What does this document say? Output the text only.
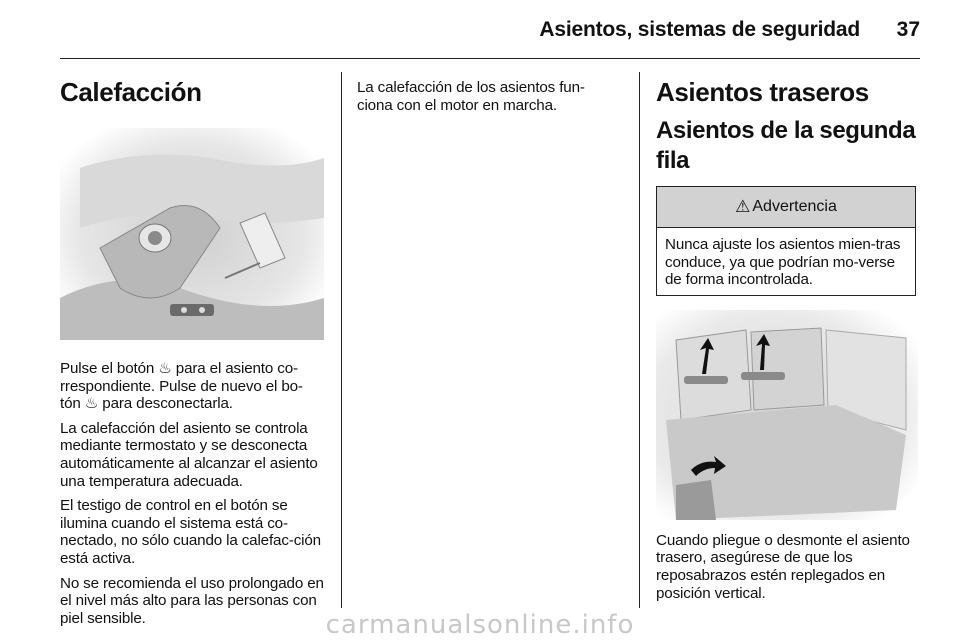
Asientos, sistemas de seguridad	37
Calefacción

Pulse el botón ♨ para el asiento co-
rrespondiente. Pulse de nuevo el bo-
tón ♨ para desconectarla.

La calefacción del asiento se controla mediante termostato y se desconecta automáticamente al alcanzar el asiento una temperatura adecuada.

El testigo de control en el botón se ilumina cuando el sistema está co-nectado, no sólo cuando la calefac-ción está activa.

No se recomienda el uso prolongado en el nivel más alto para las personas con piel sensible.

La calefacción de los asientos fun-ciona con el motor en marcha.	Asientos traseros
Asientos de la segunda fila
⚠ Advertencia
Nunca ajuste los asientos mien-tras conduce, ya que podrían mo-verse de forma incontrolada.

Cuando pliegue o desmonte el asiento trasero, asegúrese de que los reposabrazos estén replegados en posición vertical.

carmanualsonline.info
